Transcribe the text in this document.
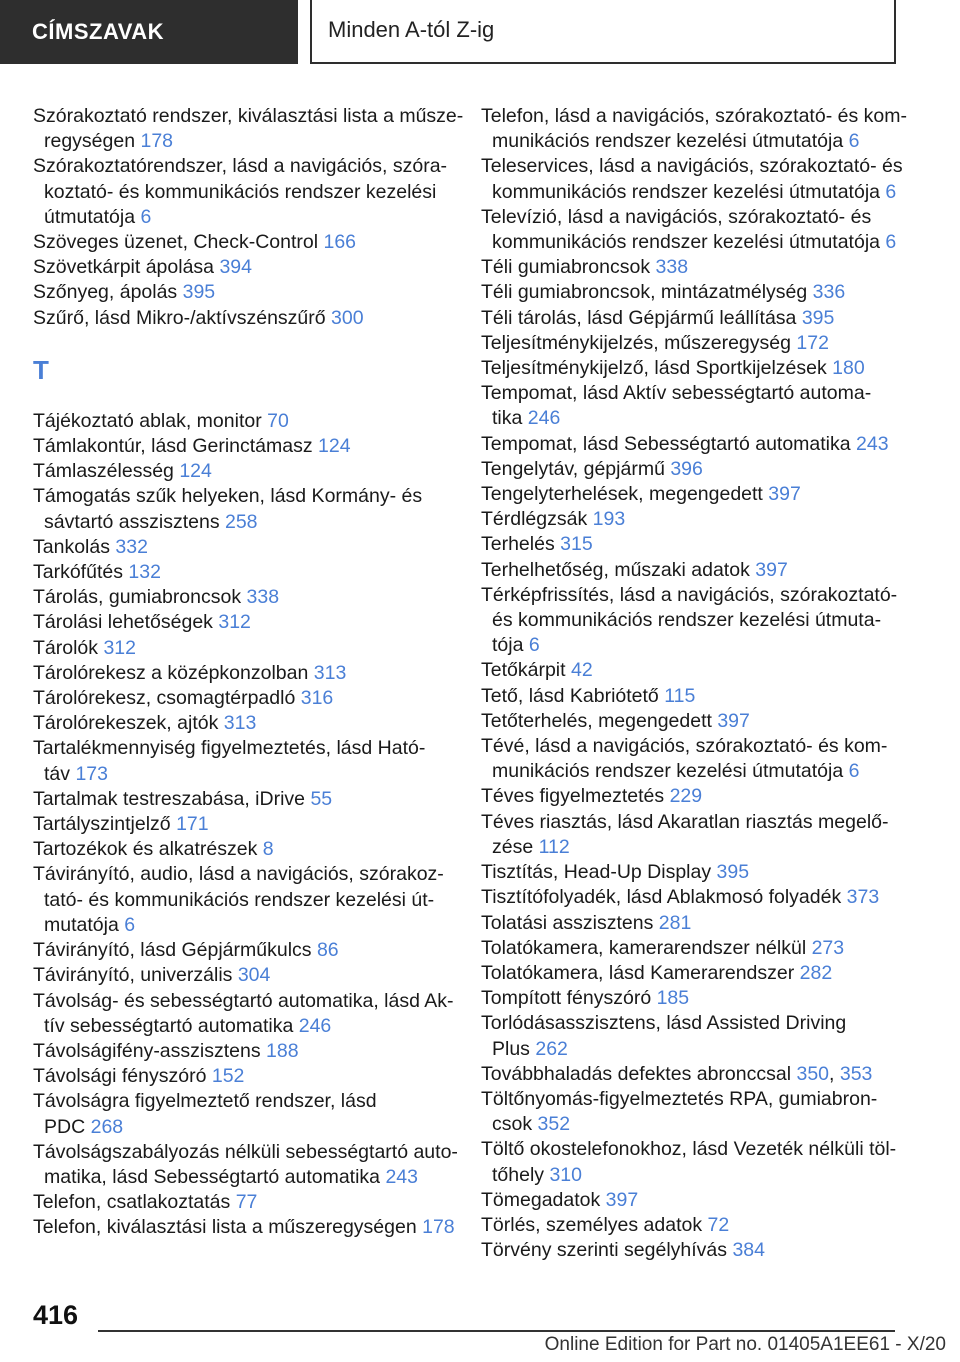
CÍMSZAVAK	Minden A-tól Z-ig
Szórakoztató rendszer, kiválasztási lista a műsze-
regységen 178
Szórakoztatórendszer, lásd a navigációs, szóra-
koztató- és kommunikációs rendszer kezelési
útmutatója 6
Szöveges üzenet, Check-Control 166
Szövetkárpit ápolása 394
Szőnyeg, ápolás 395
Szűrő, lásd Mikro-/aktívszénszűrő 300
T
Tájékoztató ablak, monitor 70
Támlakontúr, lásd Gerinctámasz 124
Támlaszélesség 124
Támogatás szűk helyeken, lásd Kormány- és
sávtartó asszisztens 258
Tankolás 332
Tarkófűtés 132
Tárolás, gumiabroncsok 338
Tárolási lehetőségek 312
Tárolók 312
Tárolórekesz a középkonzolban 313
Tárolórekesz, csomagtérpadló 316
Tárolórekeszek, ajtók 313
Tartalékmennyiség figyelmeztetés, lásd Ható-
táv 173
Tartalmak testreszabása, iDrive 55
Tartályszintjelző 171
Tartozékok és alkatrészek 8
Távirányító, audio, lásd a navigációs, szórakoz-
tató- és kommunikációs rendszer kezelési út-
mutatója 6
Távirányító, lásd Gépjárműkulcs 86
Távirányító, univerzális 304
Távolság- és sebességtartó automatika, lásd Ak-
tív sebességtartó automatika 246
Távolságifény-asszisztens 188
Távolsági fényszóró 152
Távolságra figyelmeztető rendszer, lásd
PDC 268
Távolságszabályozás nélküli sebességtartó auto-
matika, lásd Sebességtartó automatika 243
Telefon, csatlakoztatás 77
Telefon, kiválasztási lista a műszeregységen 178
Telefon, lásd a navigációs, szórakoztató- és kom-
munikációs rendszer kezelési útmutatója 6
Teleservices, lásd a navigációs, szórakoztató- és
kommunikációs rendszer kezelési útmutatója 6
Televízió, lásd a navigációs, szórakoztató- és
kommunikációs rendszer kezelési útmutatója 6
Téli gumiabroncsok 338
Téli gumiabroncsok, mintázatmélység 336
Téli tárolás, lásd Gépjármű leállítása 395
Teljesítménykijelzés, műszeregység 172
Teljesítménykijelző, lásd Sportkijelzések 180
Tempomat, lásd Aktív sebességtartó automa-
tika 246
Tempomat, lásd Sebességtartó automatika 243
Tengelytáv, gépjármű 396
Tengelyterhelések, megengedett 397
Térdlégzsák 193
Terhelés 315
Terhelhetőség, műszaki adatok 397
Térképfrissítés, lásd a navigációs, szórakoztató-
és kommunikációs rendszer kezelési útmuta-
tója 6
Tetőkárpit 42
Tető, lásd Kabriótető 115
Tetőterhelés, megengedett 397
Tévé, lásd a navigációs, szórakoztató- és kom-
munikációs rendszer kezelési útmutatója 6
Téves figyelmeztetés 229
Téves riasztás, lásd Akaratlan riasztás megelő-
zése 112
Tisztítás, Head-Up Display 395
Tisztítófolyadék, lásd Ablakmosó folyadék 373
Tolatási asszisztens 281
Tolatókamera, kamerarendszer nélkül 273
Tolatókamera, lásd Kamerarendszer 282
Tompított fényszóró 185
Torlódásasszisztens, lásd Assisted Driving
Plus 262
Továbbhaladás defektes abronccsal 350, 353
Töltőnyomás-figyelmeztetés RPA, gumiabron-
csok 352
Töltő okostelefonokhoz, lásd Vezeték nélküli töl-
tőhely 310
Tömegadatok 397
Törlés, személyes adatok 72
Törvény szerinti segélyhívás 384
416
Online Edition for Part no. 01405A1EE61 - X/20
